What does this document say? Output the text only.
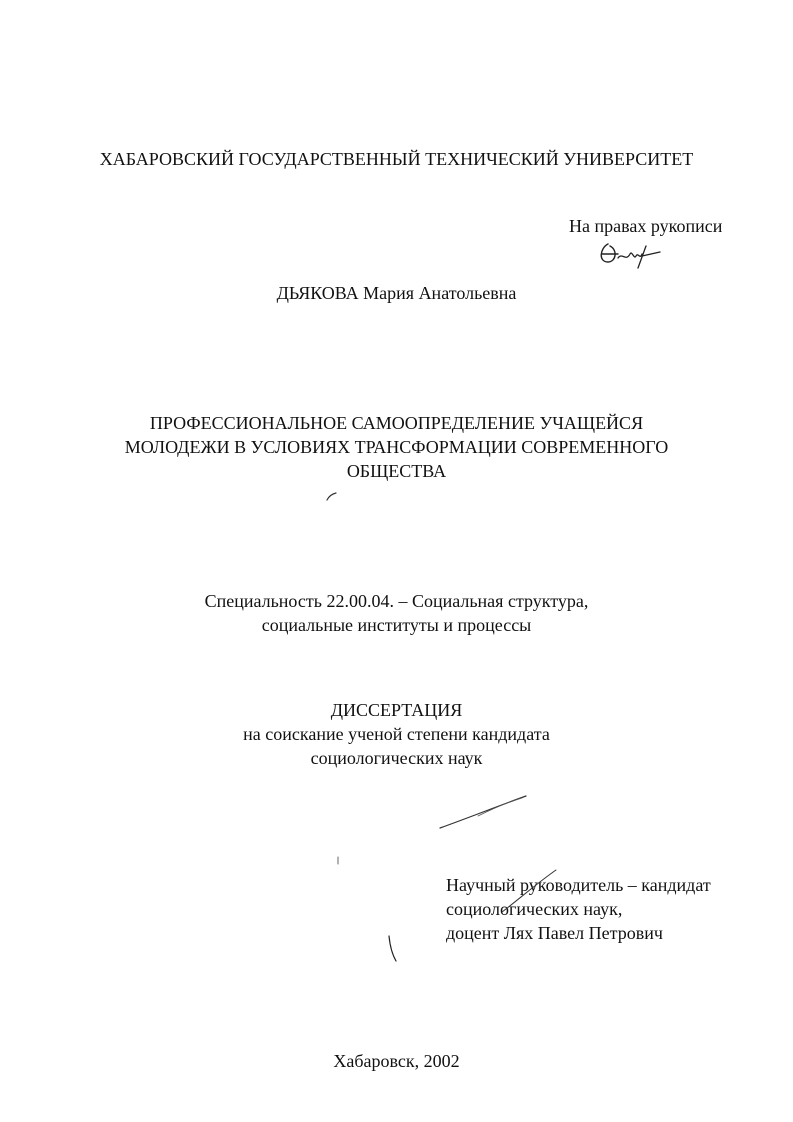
ХАБАРОВСКИЙ ГОСУДАРСТВЕННЫЙ ТЕХНИЧЕСКИЙ УНИВЕРСИТЕТ
На правах рукописи
ДЬЯКОВА Мария Анатольевна
ПРОФЕССИОНАЛЬНОЕ САМООПРЕДЕЛЕНИЕ УЧАЩЕЙСЯ
МОЛОДЕЖИ В УСЛОВИЯХ ТРАНСФОРМАЦИИ СОВРЕМЕННОГО
ОБЩЕСТВА
Специальность 22.00.04. – Социальная структура,
социальные институты и процессы
ДИССЕРТАЦИЯ
на соискание ученой степени кандидата
социологических наук
Научный руководитель – кандидат
социологических наук,
доцент Лях Павел Петрович
Хабаровск, 2002
